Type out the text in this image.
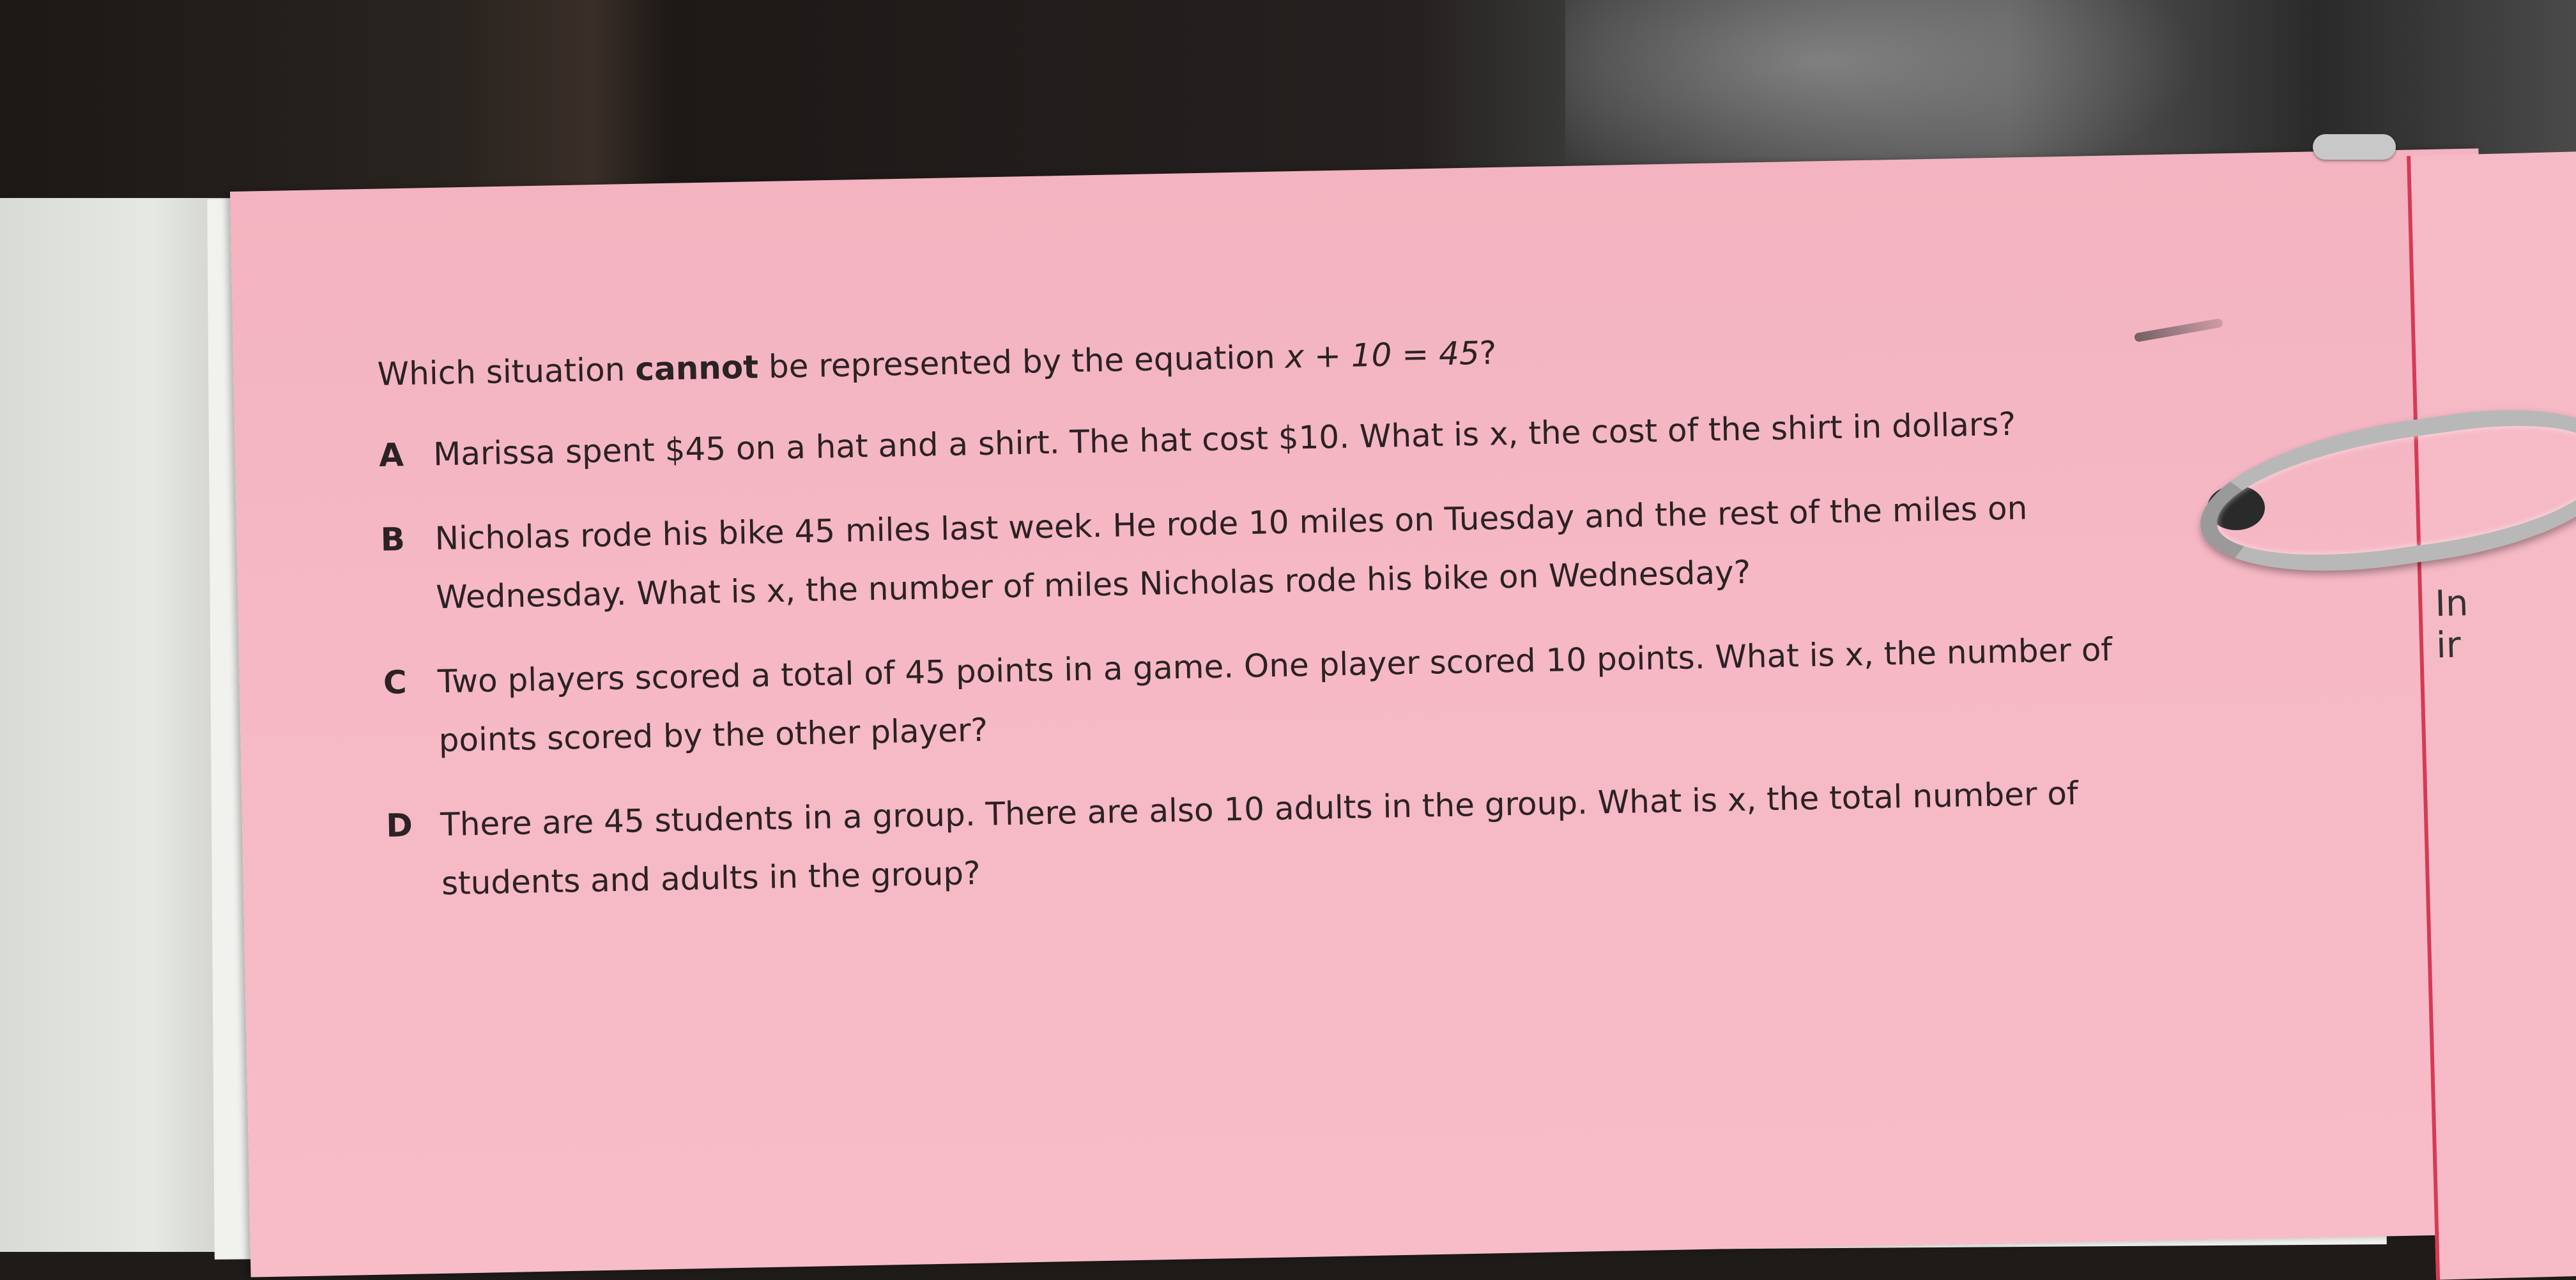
In
ir

Which situation cannot be represented by the equation x + 10 = 45?

A Marissa spent $45 on a hat and a shirt. The hat cost $10. What is x, the cost of the shirt in dollars?
B Nicholas rode his bike 45 miles last week. He rode 10 miles on Tuesday and the rest of the miles on Wednesday. What is x, the number of miles Nicholas rode his bike on Wednesday?
C Two players scored a total of 45 points in a game. One player scored 10 points. What is x, the number of points scored by the other player?
D There are 45 students in a group. There are also 10 adults in the group. What is x, the total number of students and adults in the group?
